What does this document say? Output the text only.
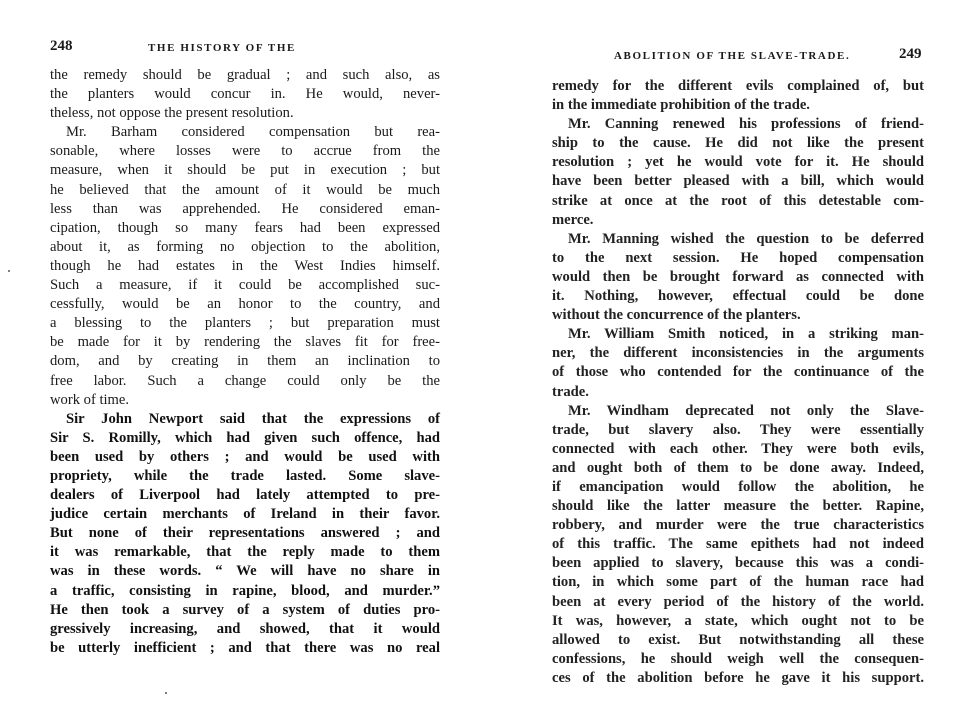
248	THE HISTORY OF THE
the remedy should be gradual ; and such also, as
the planters would concur in. He would, never-
theless, not oppose the present resolution.
Mr. Barham considered compensation but rea-
sonable, where losses were to accrue from the
measure, when it should be put in execution ; but
he believed that the amount of it would be much
less than was apprehended. He considered eman-
cipation, though so many fears had been expressed
about it, as forming no objection to the abolition,
though he had estates in the West Indies himself.
Such a measure, if it could be accomplished suc-
cessfully, would be an honor to the country, and
a blessing to the planters ; but preparation must
be made for it by rendering the slaves fit for free-
dom, and by creating in them an inclination to
free labor. Such a change could only be the
work of time.
Sir John Newport said that the expressions of
Sir S. Romilly, which had given such offence, had
been used by others ; and would be used with
propriety, while the trade lasted. Some slave-
dealers of Liverpool had lately attempted to pre-
judice certain merchants of Ireland in their favor.
But none of their representations answered ; and
it was remarkable, that the reply made to them
was in these words. “ We will have no share in
a traffic, consisting in rapine, blood, and murder.”
He then took a survey of a system of duties pro-
gressively increasing, and showed, that it would
be utterly inefficient ; and that there was no real
ABOLITION OF THE SLAVE-TRADE.	249
remedy for the different evils complained of, but
in the immediate prohibition of the trade.
Mr. Canning renewed his professions of friend-
ship to the cause. He did not like the present
resolution ; yet he would vote for it. He should
have been better pleased with a bill, which would
strike at once at the root of this detestable com-
merce.
Mr. Manning wished the question to be deferred
to the next session. He hoped compensation
would then be brought forward as connected with
it. Nothing, however, effectual could be done
without the concurrence of the planters.
Mr. William Smith noticed, in a striking man-
ner, the different inconsistencies in the arguments
of those who contended for the continuance of the
trade.
Mr. Windham deprecated not only the Slave-
trade, but slavery also. They were essentially
connected with each other. They were both evils,
and ought both of them to be done away. Indeed,
if emancipation would follow the abolition, he
should like the latter measure the better. Rapine,
robbery, and murder were the true characteristics
of this traffic. The same epithets had not indeed
been applied to slavery, because this was a condi-
tion, in which some part of the human race had
been at every period of the history of the world.
It was, however, a state, which ought not to be
allowed to exist. But notwithstanding all these
confessions, he should weigh well the consequen-
ces of the abolition before he gave it his support.
